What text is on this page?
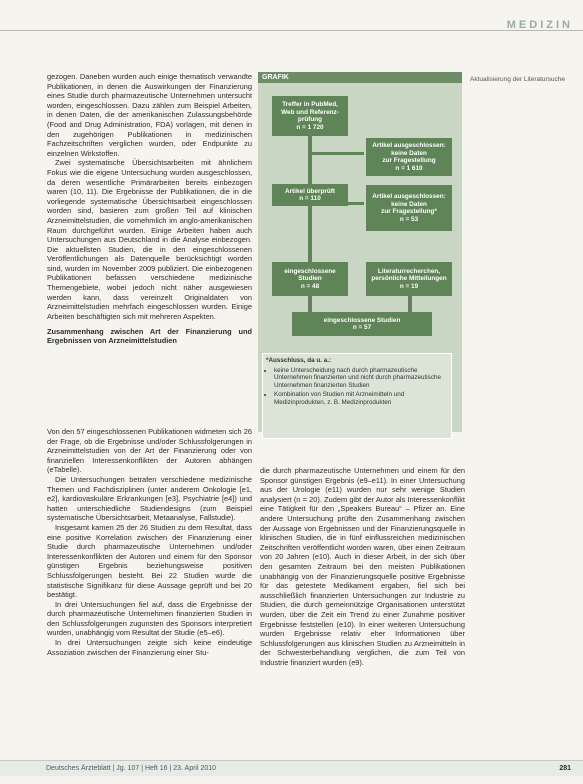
MEDIZIN

gezogen. Daneben wurden auch einige thematisch verwandte Publikationen, in denen die Auswirkungen der Finanzierung eines Studie durch pharmazeutische Unternehmen untersucht worden, eingeschlossen. Dazu zählen zum Beispiel Arbeiten, in denen Daten, die der amerikanischen Zulassungsbehörde (Food and Drug Administration, FDA) vorlagen, mit denen in den zugehörigen Publikationen in medizinischen Fachzeitschriften verglichen wurden, oder Endpunkte zu einzelnen Wirkstoffen.

Zwei systematische Übersichtsarbeiten mit ähnlichem Fokus wie die eigene Untersuchung wurden ausgeschlossen, da deren wesentliche Primärarbeiten bereits einbezogen waren (10, 11). Die Ergebnisse der Publikationen, die in die vorliegende systematische Übersichtsarbeit eingeschlossen worden sind, basieren zum großen Teil auf klinischen Arzneimittelstudien, die vornehmlich im anglo-amerikanischen Raum durchgeführt wurden. Einige Arbeiten haben auch Untersuchungen aus Deutschland in die Analyse einbezogen. Die aktuellsten Studien, die in den eingeschlossenen Veröffentlichungen als Datenquelle berücksichtigt worden sind, wurden im November 2009 publiziert. Die einbezogenen Publikationen befassen verschiedene medizinische Themengebiete, wobei jedoch nicht näher ausgewiesen werden kann, dass vereinzelt Originaldaten von Arzneimittelstudien mehrfach eingeschlossen wurden. Einige Arbeiten beschäftigten sich mit mehreren Aspekten.

Zusammenhang zwischen Art der Finanzierung und Ergebnissen von Arzneimittelstudien

Von den 57 eingeschlossenen Publikationen widmeten sich 26 der Frage, ob die Ergebnisse und/oder Schlussfolgerungen in Arzneimittelstudien von der Art der Finanzierung oder von finanziellen Interessenkonflikten der Autoren abhängen (eTabelle).

Die Untersuchungen betrafen verschiedene medizinische Themen und Fachdisziplinen (unter anderem Onkologie [e1, e2], kardiovaskuläre Erkrankungen [e3], Psychiatrie [e4]) und hatten unterschiedliche Studiendesigns (zum Beispiel systematische Übersichtsarbeit, Metaanalyse, Fallstudie).

Insgesamt kamen 25 der 26 Studien zu dem Resultat, dass eine positive Korrelation zwischen der Finanzierung einer Studie durch pharmazeutische Unternehmen und/oder Interessenkonflikten der Autoren und einem für den Sponsor günstigen Ergebnis beziehungsweise positiven Schlussfolgerungen besteht. Bei 22 Studien wurde die statistische Signifikanz für diese Aussage geprüft und bei 20 bestätigt.

In drei Untersuchungen fiel auf, dass die Ergebnisse der durch pharmazeutische Unternehmen finanzierten Studien in den Schlussfolgerungen zugunsten des Sponsors interpretiert wurden, unabhängig vom Resultat der Studie (e5–e6).

In drei Untersuchungen zeigte sich keine eindeutige Assoziation zwischen der Finanzierung einer Stu-

die durch pharmazeutische Unternehmen und einem für den Sponsor günstigen Ergebnis (e9–e11). In einer Untersuchung aus der Urologie (e11) wurden nur sehr wenige Studien analysiert (n = 20). Zudem gibt der Autor als Interessenkonflikt eine Tätigkeit für den „Speakers Bureau“ – Pfizer an. Eine andere Untersuchung prüfte den Zusammenhang zwischen der Aussage von Ergebnissen und der Finanzierungsquelle in klinischen Studien, die in fünf einflussreichen medizinischen Zeitschriften veröffentlicht worden waren, über einen Zeitraum von 20 Jahren (e10). Auch in dieser Arbeit, in der sich über den gesamten Zeitraum bei den meisten Publikationen unabhängig von der Finanzierungsquelle positive Ergebnisse für das getestete Medikament ergaben, fiel sich bei ausschließlich finanzierten Untersuchungen zur Industrie zu Studien, die durch gemeinnützige Organisationen unterstützt wurden, über die Zeit ein Trend zu einer Zunahme positiver Ergebnisse feststellen (e10). In einer weiteren Untersuchung wurden Ergebnisse relativ eher Informationen über Schlussfolgerungen aus klinischen Studien zu Arzneimitteln in der Schwesterbehandlung verglichen, die zum Teil von Industrie finanziert wurden (e9).

GRAFIK
Treffer in PubMed,
Web und Referenz-
prüfung
n = 1 720
Artikel ausgeschlossen:
keine Daten
zur Fragestellung
n = 1 610
Artikel überprüft
n = 110	Artikel ausgeschlossen:
keine Daten
zur Fragestellung*
n = 53
eingeschlossene
Studien
n = 48
Literaturrecherchen,
persönliche Mitteilungen
n = 19
eingeschlossene Studien
n = 57
*Ausschluss, da u. a.:
• keine Unterscheidung nach durch pharmazeutische Unternehmen finanzierten und nicht durch pharmazeutische Unternehmen finanzierten Studien
• Kombination von Studien mit Arzneimitteln und Medizinprodukten, z. B. Medizinprodukten
Aktualisierung der Literatursuche
Deutsches Ärzteblatt | Jg. 107 | Heft 16 | 23. April 2010	281
